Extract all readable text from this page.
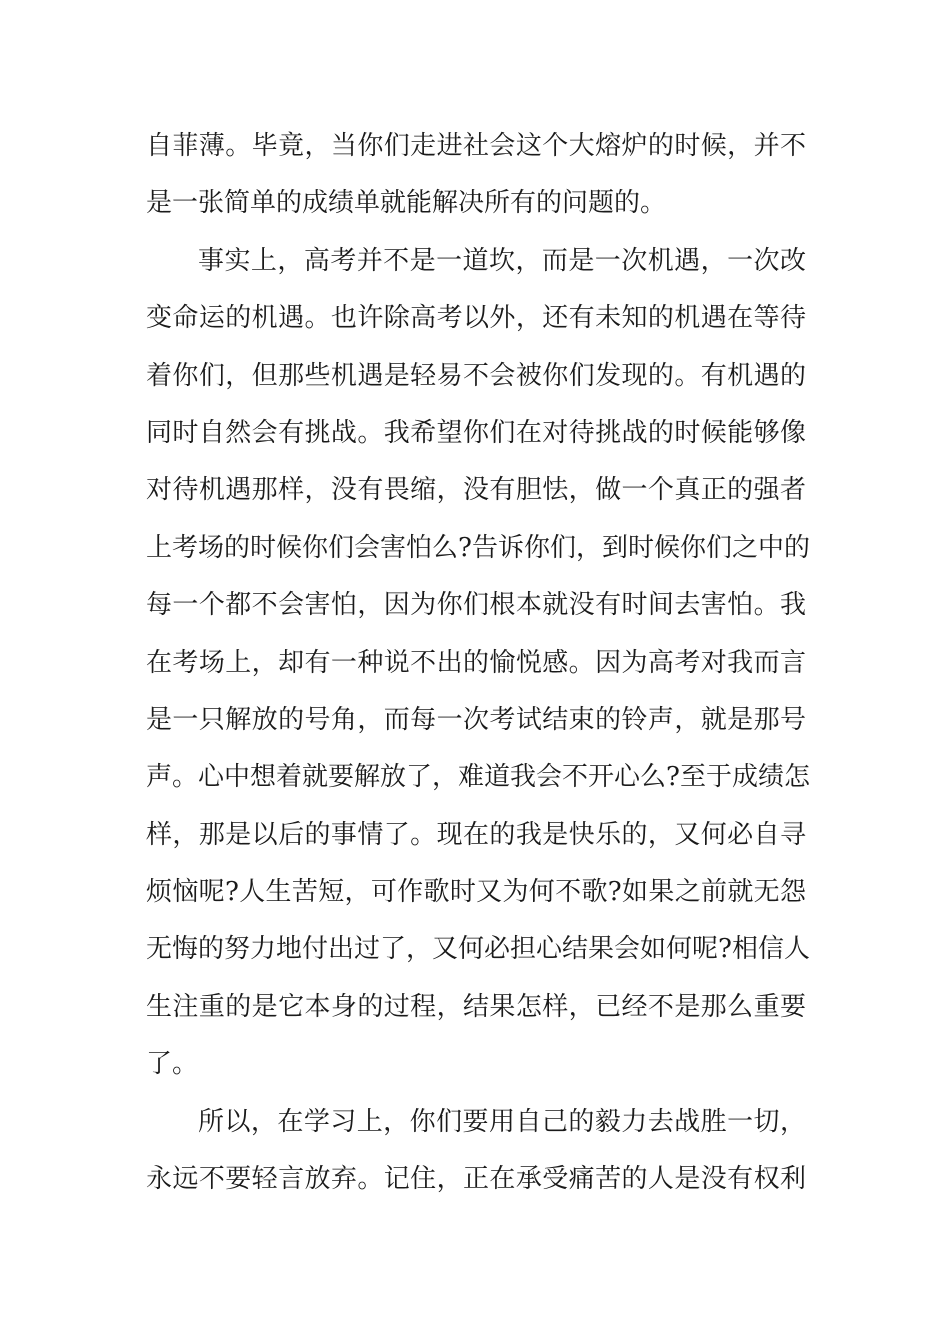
自菲薄。毕竟，当你们走进社会这个大熔炉的时候，并不
是一张简单的成绩单就能解决所有的问题的。
事实上，高考并不是一道坎，而是一次机遇，一次改
变命运的机遇。也许除高考以外，还有未知的机遇在等待
着你们，但那些机遇是轻易不会被你们发现的。有机遇的
同时自然会有挑战。我希望你们在对待挑战的时候能够像
对待机遇那样，没有畏缩，没有胆怯，做一个真正的强者
上考场的时候你们会害怕么?告诉你们，到时候你们之中的
每一个都不会害怕，因为你们根本就没有时间去害怕。我
在考场上，却有一种说不出的愉悦感。因为高考对我而言
是一只解放的号角，而每一次考试结束的铃声，就是那号
声。心中想着就要解放了，难道我会不开心么?至于成绩怎
样，那是以后的事情了。现在的我是快乐的，又何必自寻
烦恼呢?人生苦短，可作歌时又为何不歌?如果之前就无怨
无悔的努力地付出过了，又何必担心结果会如何呢?相信人
生注重的是它本身的过程，结果怎样，已经不是那么重要
了。
所以，在学习上，你们要用自己的毅力去战胜一切，
永远不要轻言放弃。记住，正在承受痛苦的人是没有权利
